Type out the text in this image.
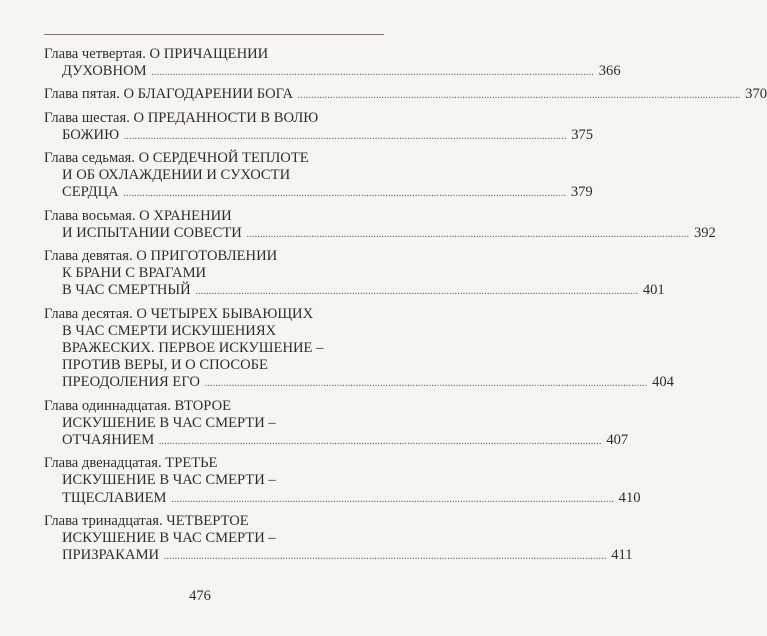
Глава четвертая. О ПРИЧАЩЕНИИ
ДУХОВНОМ .....	366
Глава пятая. О БЛАГОДАРЕНИИ БОГА .....	370
Глава шестая. О ПРЕДАННОСТИ В ВОЛЮ
БОЖИЮ .....	375
Глава седьмая. О СЕРДЕЧНОЙ ТЕПЛОТЕ
И ОБ ОХЛАЖДЕНИИ И СУХОСТИ
СЕРДЦА .....	379
Глава восьмая. О ХРАНЕНИИ
И ИСПЫТАНИИ СОВЕСТИ .....	392
Глава девятая. О ПРИГОТОВЛЕНИИ
К БРАНИ С ВРАГАМИ
В ЧАС СМЕРТНЫЙ .....	401
Глава десятая. О ЧЕТЫРЕХ БЫВАЮЩИХ
В ЧАС СМЕРТИ ИСКУШЕНИЯХ
ВРАЖЕСКИХ. ПЕРВОЕ ИСКУШЕНИЕ –
ПРОТИВ ВЕРЫ, И О СПОСОБЕ
ПРЕОДОЛЕНИЯ ЕГО .....	404
Глава одиннадцатая. ВТОРОЕ
ИСКУШЕНИЕ В ЧАС СМЕРТИ –
ОТЧАЯНИЕМ .....	407
Глава двенадцатая. ТРЕТЬЕ
ИСКУШЕНИЕ В ЧАС СМЕРТИ –
ТЩЕСЛАВИЕМ .....	410
Глава тринадцатая. ЧЕТВЕРТОЕ
ИСКУШЕНИЕ В ЧАС СМЕРТИ –
ПРИЗРАКАМИ .....	411
476
